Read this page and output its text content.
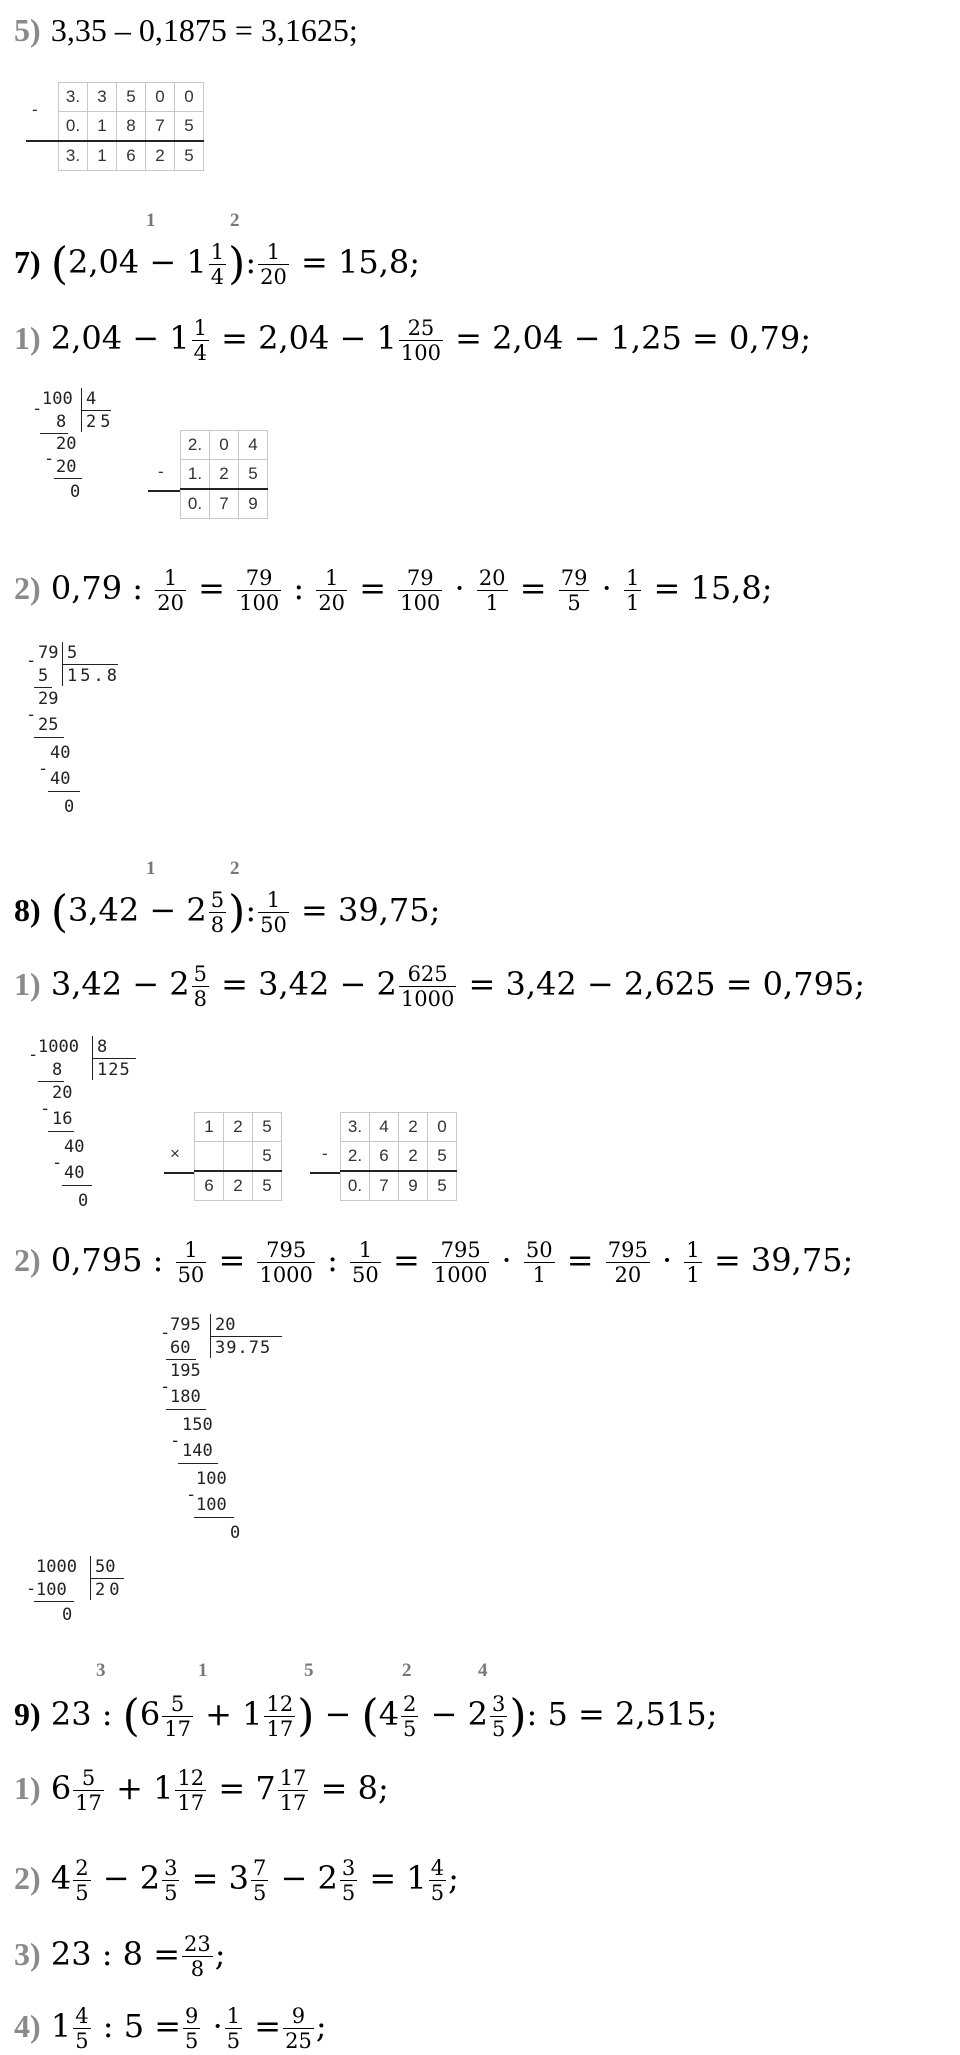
5) 3,35 – 0,1875 = 3,1625;
-
3.	3	5	0	0
0.	1	8	7	5
3.	1	6	2	5
1	2
7) ($2,04 - 1 \frac{1}{4}$ ): $\frac{1}{20} = 15,8$;
1) $2,04 - 1 \frac{1}{4} = 2,04 - 1 \frac{25}{100} = 2,04 - 1,25 = 0,79$;
- 100 4
25
8
20
- 20
0
-
2.	0	4
1.	2	5
0.	7	9
2) 0,79 : $\frac{1}{20} = \frac{79}{100}$ : $\frac{1}{20} = \frac{79}{100} \cdot \frac{20}{1} = \frac{79}{5} \cdot \frac{1}{1} = 15,8$;
- 79 5
15.8
5
29
- 25
40
- 40
0
1	2
8) ($3,42 - 2 \frac{5}{8}$ ): $\frac{1}{50} = 39,75$;
1) $3,42 - 2 \frac{5}{8} = 3,42 - 2 \frac{625}{1000} = 3,42 - 2,625 = 0,795$;
- 1000 8
125
8
20
- 16
40
- 40
0
×
1	2	5
		5
6	2	5
-
3.	4	2	0
2.	6	2	5
0.	7	9	5
2) 0,795 : $\frac{1}{50} = \frac{795}{1000}$ : $\frac{1}{50} = \frac{795}{1000} \cdot \frac{50}{1} = \frac{795}{20} \cdot \frac{1}{1} = 39,75$;
- 795 20
39.75
60
195
- 180
150
- 140
100
- 100
0
-
1000 50
20
100
0
3	1	5	2	4
9) 23 : ($6 \frac{5}{17} + 1 \frac{12}{17}$ ) − ($4 \frac{2}{5} - 2 \frac{3}{5}$ ): 5 = 2,515;
1) $6 \frac{5}{17} + 1 \frac{12}{17} = 7 \frac{17}{17} = 8$;
2) $4 \frac{2}{5} - 2 \frac{3}{5} = 3 \frac{7}{5} - 2 \frac{3}{5} = 1 \frac{4}{5}$ ;
3) 23 : $8 = \frac{23}{8}$ ;
4) $1 \frac{4}{5}$ : $5 = \frac{9}{5} \cdot \frac{1}{5} = \frac{9}{25}$ ;
